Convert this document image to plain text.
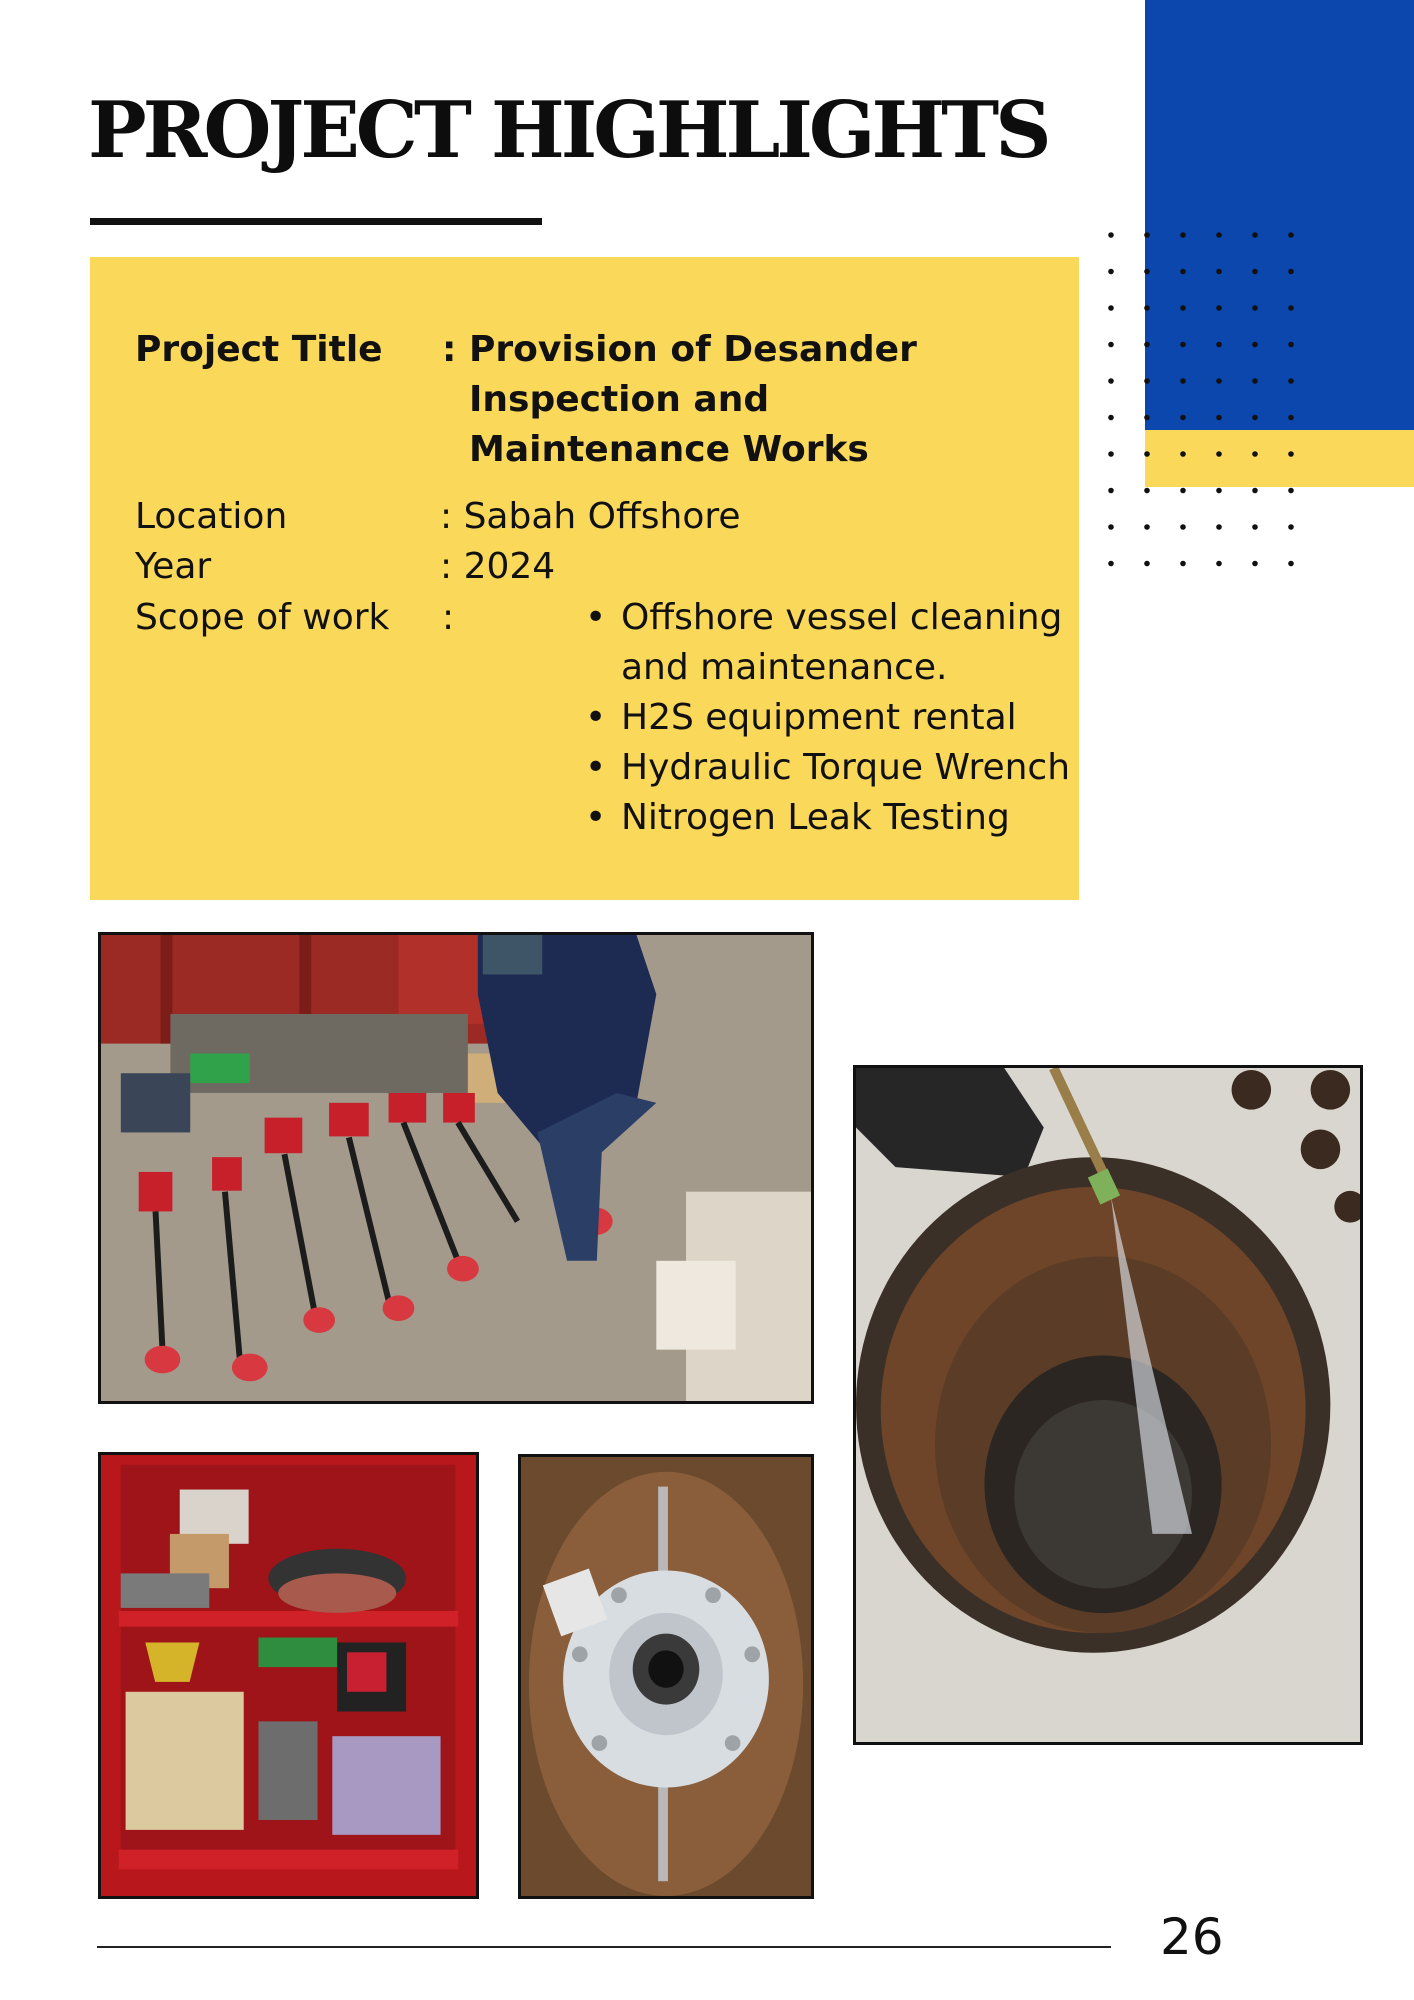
PROJECT HIGHLIGHTS
Project Title : Provision of Desander
Inspection and
Maintenance Works
Location	: Sabah Offshore
Year	: 2024
Scope of work :
•	Offshore vessel cleaning and maintenance.
• H2S equipment rental
• Hydraulic Torque Wrench
• Nitrogen Leak Testing
26
